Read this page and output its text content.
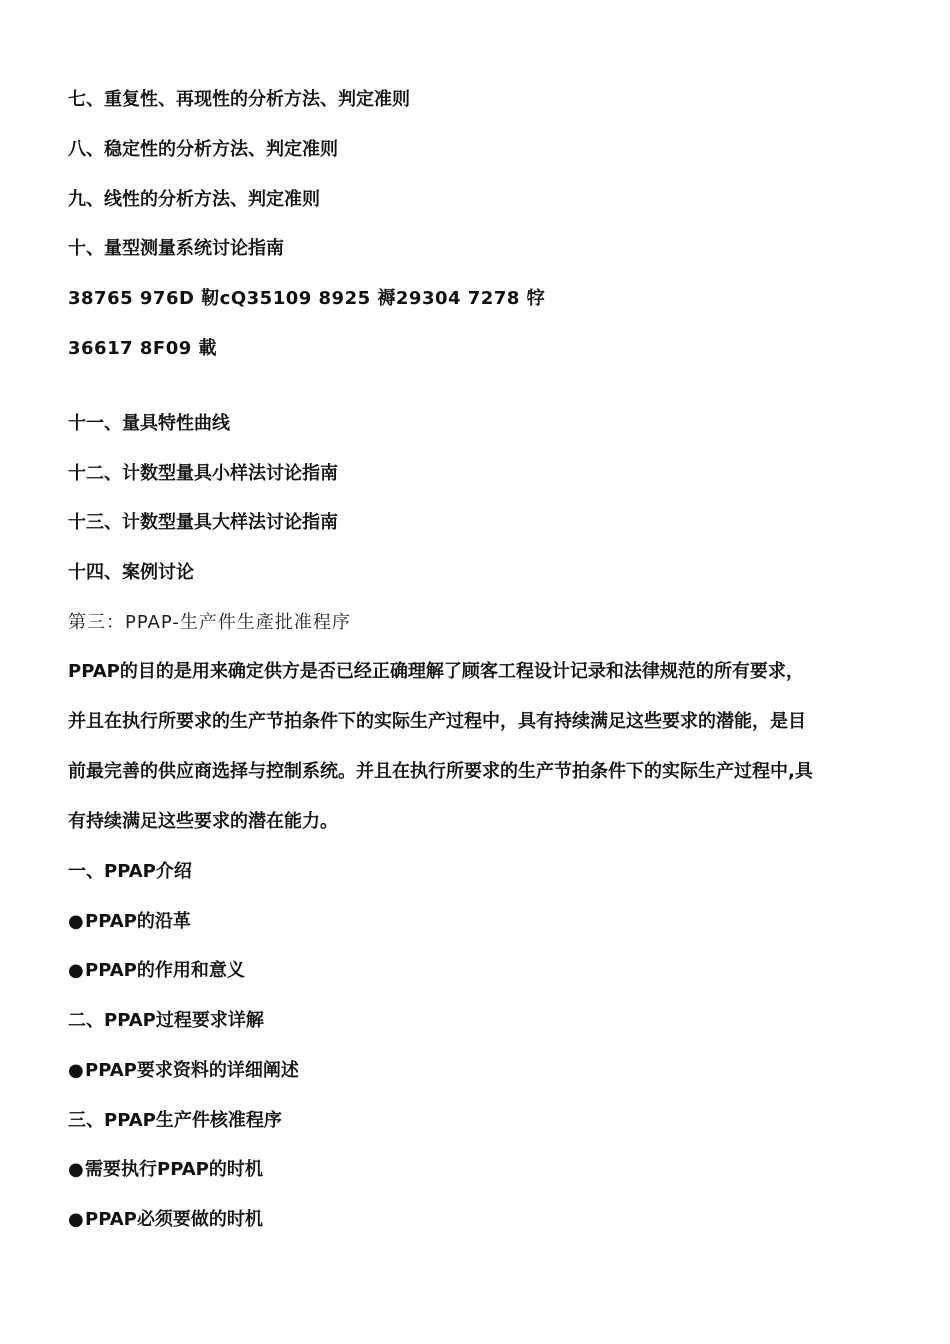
七、重复性、再现性的分析方法、判定准则
八、稳定性的分析方法、判定准则
九、线性的分析方法、判定准则
十、量型测量系统讨论指南
38765 976D 靭cQ35109 8925 褥29304 7278 牸
36617 8F09 載
十一、量具特性曲线
十二、计数型量具小样法讨论指南
十三、计数型量具大样法讨论指南
十四、案例讨论
第三：PPAP-生产件生產批准程序
PPAP的目的是用来确定供方是否已经正确理解了顾客工程设计记录和法律规范的所有要求，
并且在执行所要求的生产节拍条件下的实际生产过程中，具有持续满足这些要求的潜能，是目
前最完善的供应商选择与控制系统。并且在执行所要求的生产节拍条件下的实际生产过程中,具
有持续满足这些要求的潜在能力。
一、PPAP介绍
●PPAP的沿革
●PPAP的作用和意义
二、PPAP过程要求详解
●PPAP要求资料的详细阐述
三、PPAP生产件核准程序
●需要执行PPAP的时机
●PPAP必须要做的时机
